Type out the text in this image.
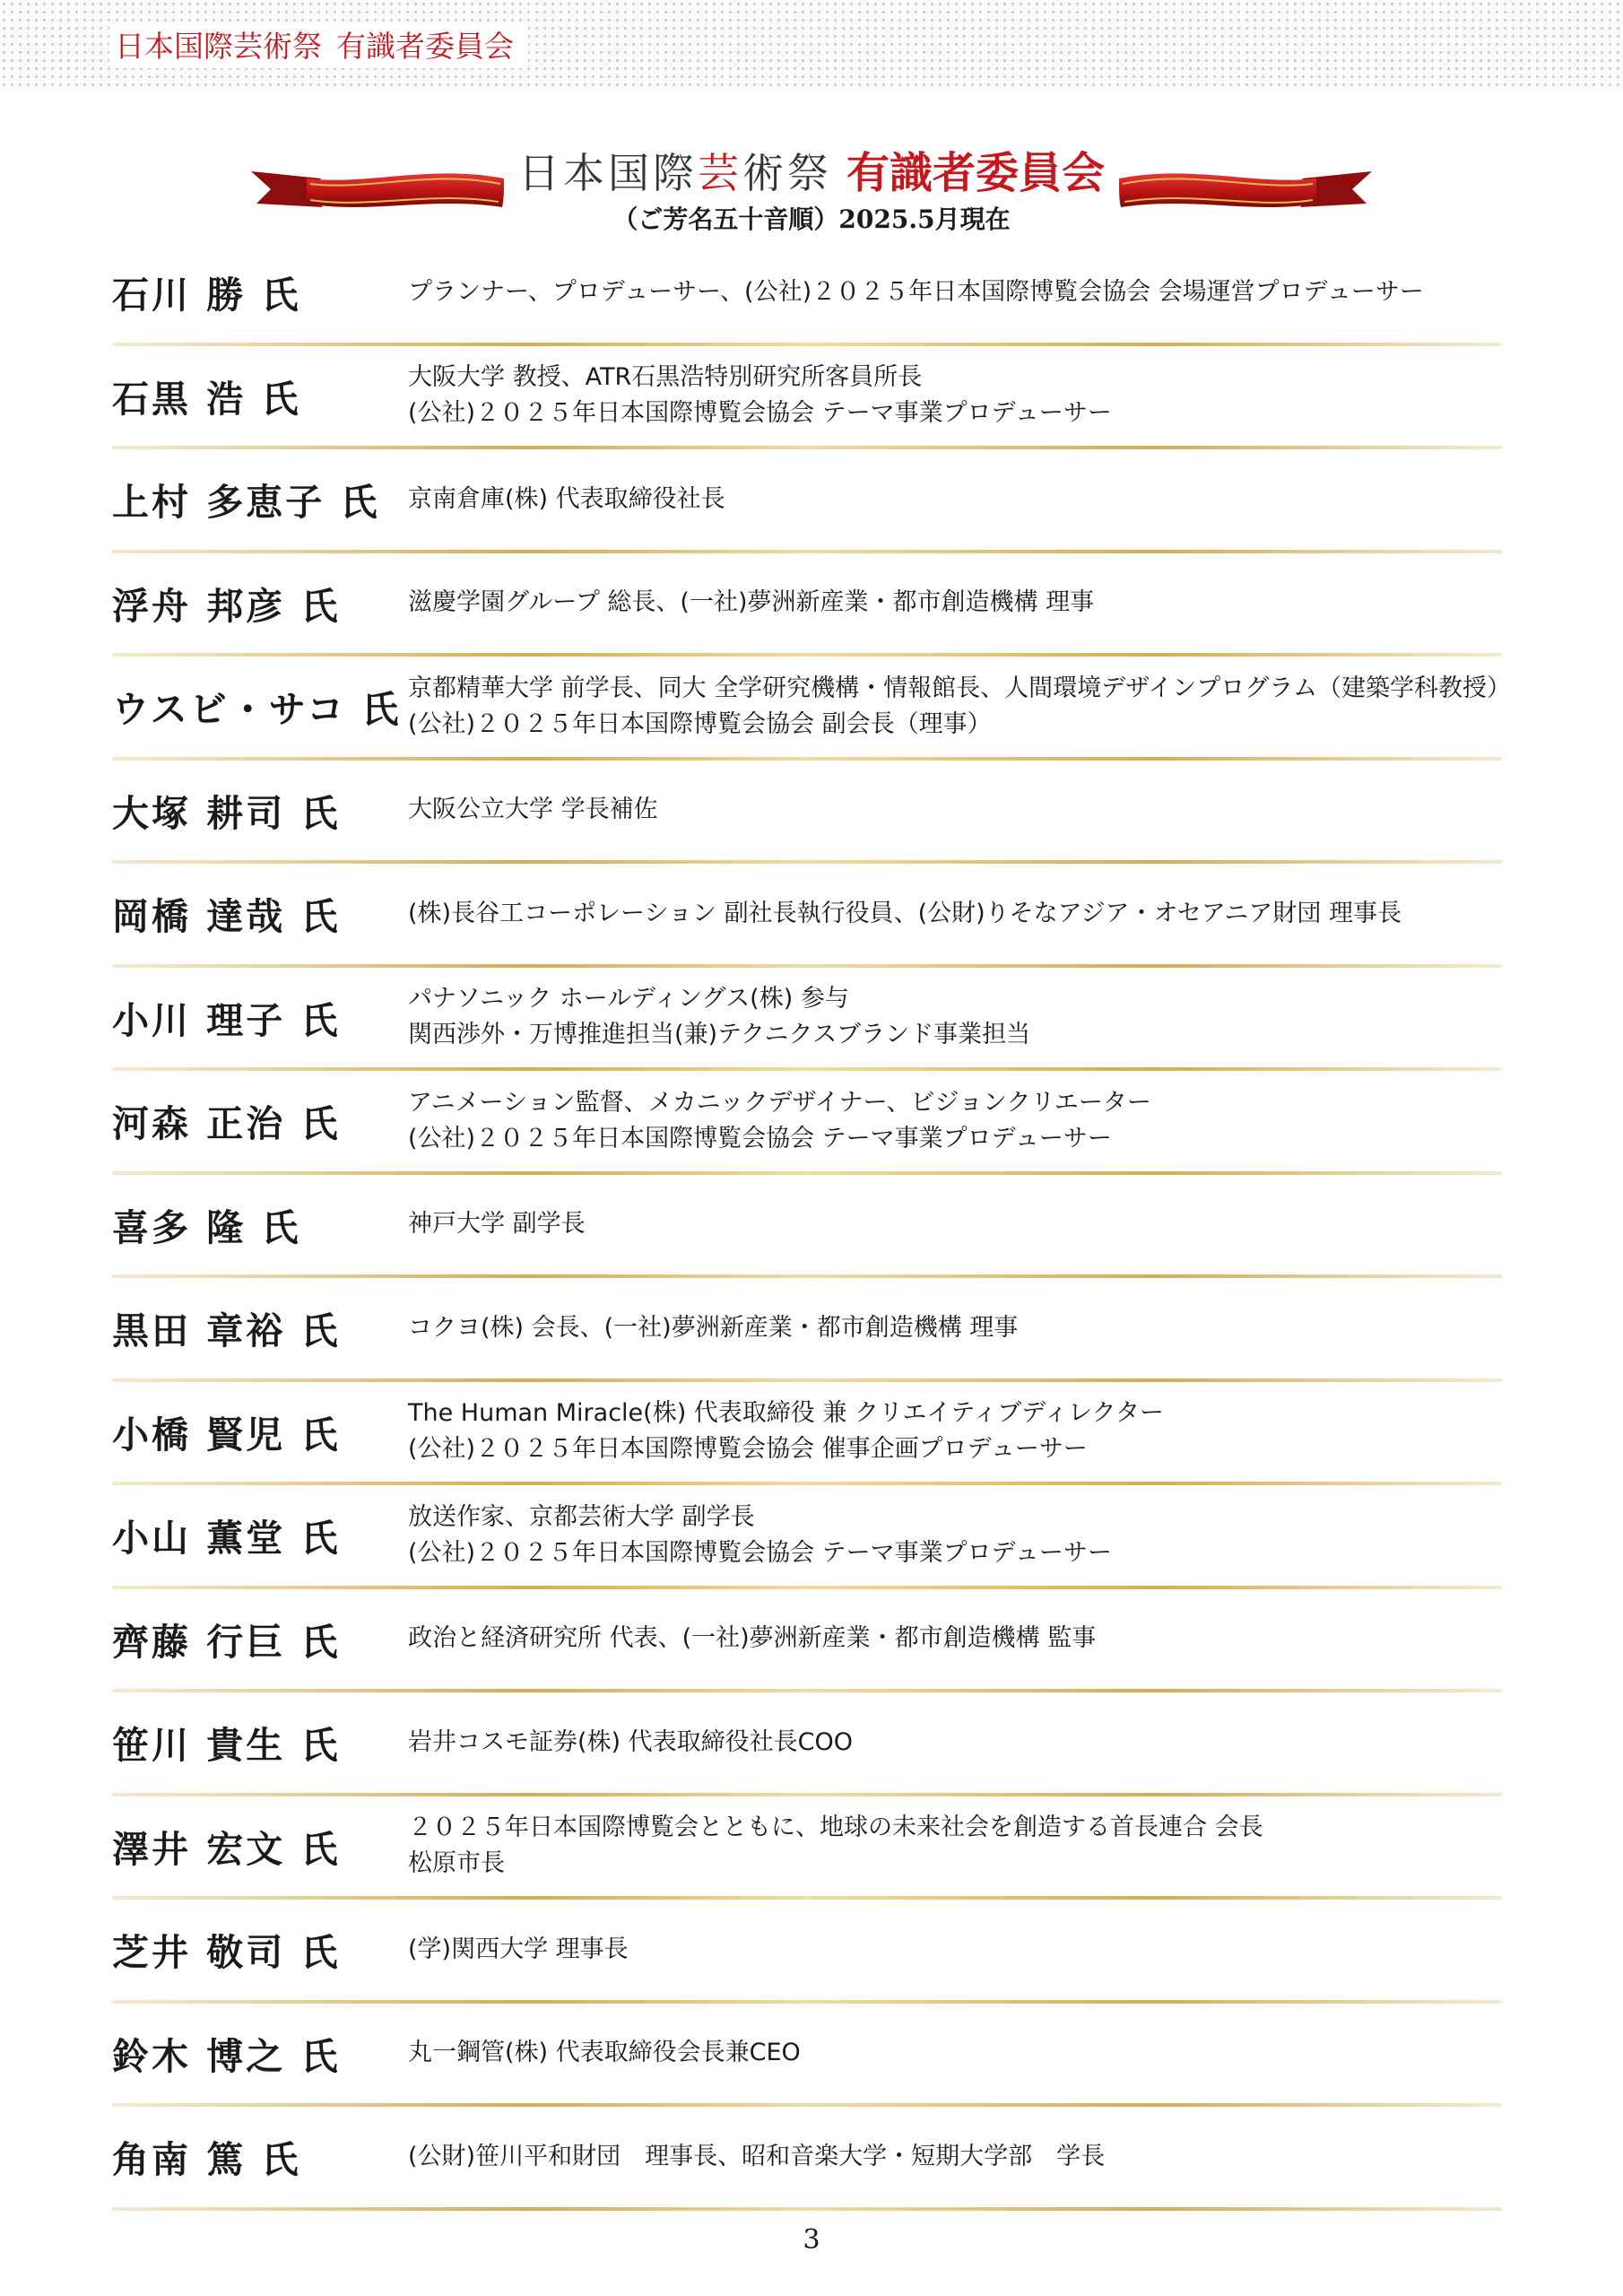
日本国際芸術祭 有識者委員会
日本国際芸術祭 有識者委員会
（ご芳名五十音順）2025.5月現在
石川 勝 氏	プランナー、プロデューサー、(公社)２０２５年日本国際博覧会協会 会場運営プロデューサー
石黒 浩 氏	大阪大学 教授、ATR石黒浩特別研究所客員所長
(公社)２０２５年日本国際博覧会協会 テーマ事業プロデューサー
上村 多恵子 氏	京南倉庫(株) 代表取締役社長
浮舟 邦彦 氏	滋慶学園グループ 総長、(一社)夢洲新産業・都市創造機構 理事
ウスビ・サコ 氏 京都精華大学 前学長、同大 全学研究機構・情報館長、人間環境デザインプログラム（建築学科教授）
(公社)２０２５年日本国際博覧会協会 副会長（理事）
大塚 耕司 氏	大阪公立大学 学長補佐
岡橋 達哉 氏	(株)長谷工コーポレーション 副社長執行役員、(公財)りそなアジア・オセアニア財団 理事長
小川 理子 氏	パナソニック ホールディングス(株) 参与
関西渉外・万博推進担当(兼)テクニクスブランド事業担当
河森 正治 氏	アニメーション監督、メカニックデザイナー、ビジョンクリエーター
(公社)２０２５年日本国際博覧会協会 テーマ事業プロデューサー
喜多 隆 氏	神戸大学 副学長
黒田 章裕 氏	コクヨ(株) 会長、(一社)夢洲新産業・都市創造機構 理事
小橋 賢児 氏	The Human Miracle(株) 代表取締役 兼 クリエイティブディレクター
(公社)２０２５年日本国際博覧会協会 催事企画プロデューサー
小山 薫堂 氏	放送作家、京都芸術大学 副学長
(公社)２０２５年日本国際博覧会協会 テーマ事業プロデューサー
齊藤 行巨 氏	政治と経済研究所 代表、(一社)夢洲新産業・都市創造機構 監事
笹川 貴生 氏	岩井コスモ証券(株) 代表取締役社長COO
澤井 宏文 氏	２０２５年日本国際博覧会とともに、地球の未来社会を創造する首長連合 会長
松原市長
芝井 敬司 氏	(学)関西大学 理事長
鈴木 博之 氏	丸一鋼管(株) 代表取締役会長兼CEO
角南 篤 氏	(公財)笹川平和財団　理事長、昭和音楽大学・短期大学部　学長
3
